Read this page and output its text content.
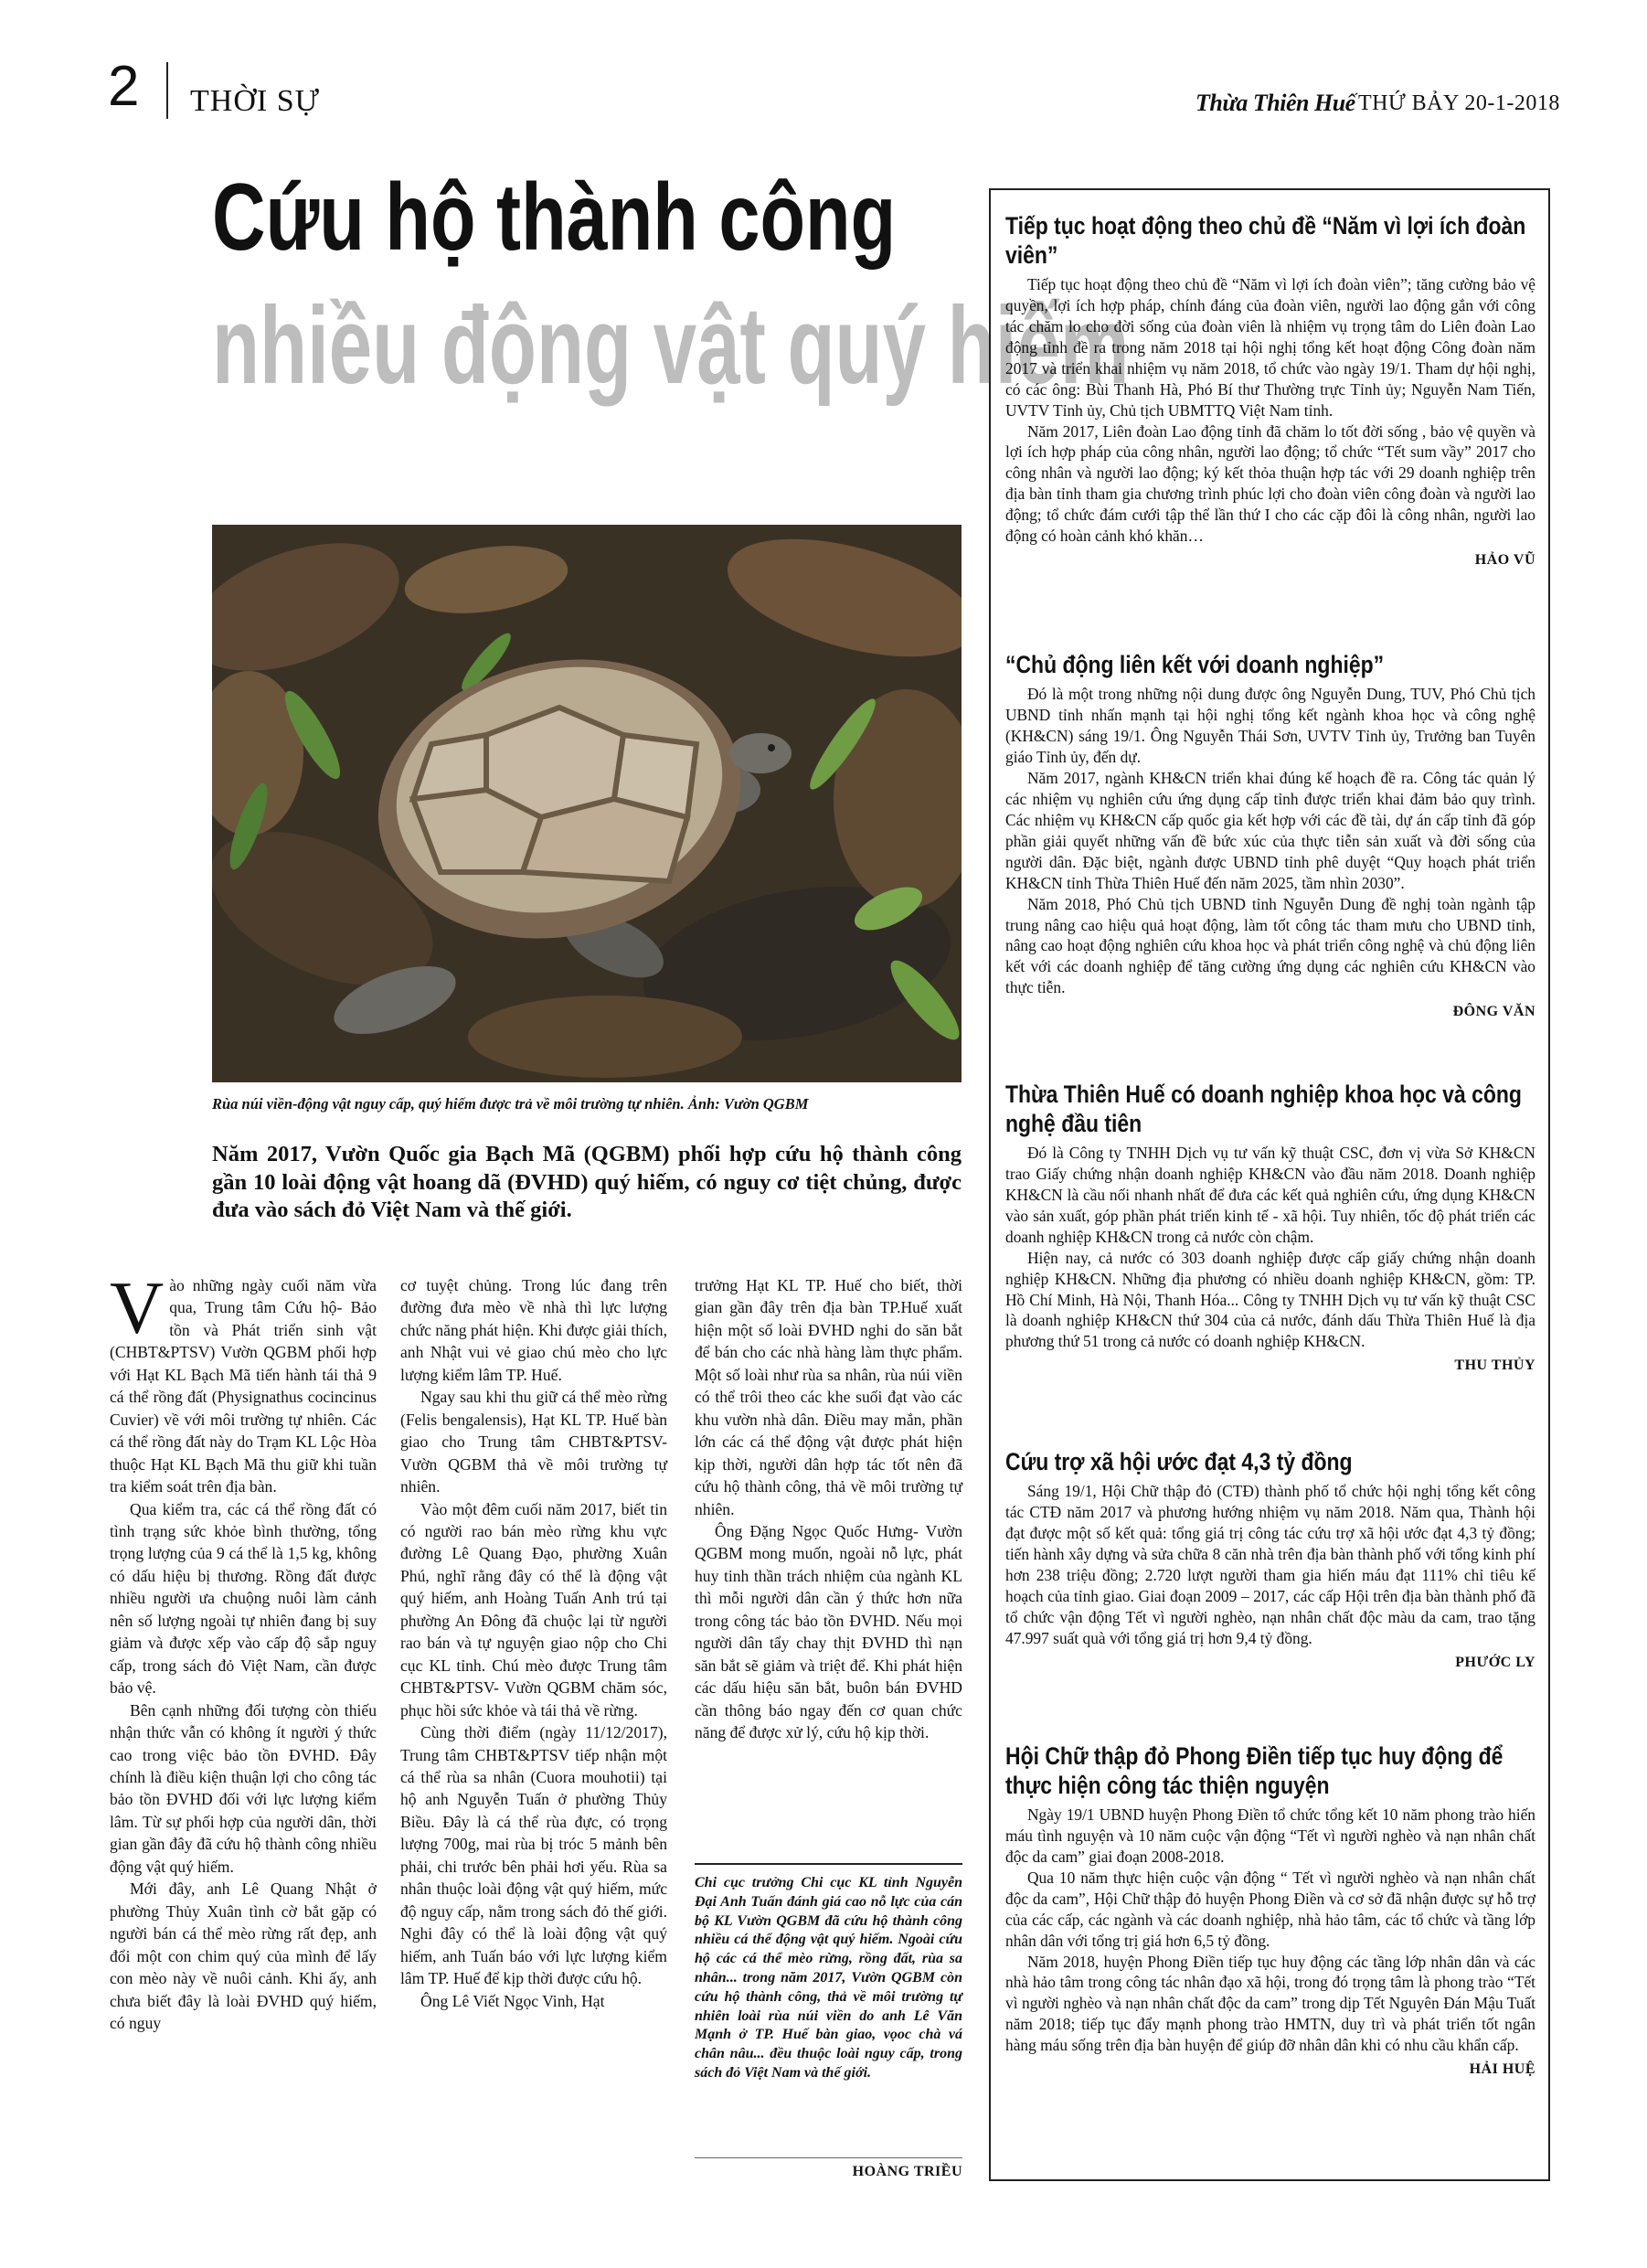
2 THỜI SỰ	Thừa Thiên Huế THỨ BẢY 20-1-2018
Cứu hộ thành công
nhiều động vật quý hiếm
Rùa núi viền-động vật nguy cấp, quý hiếm được trả về môi trường tự nhiên. Ảnh: Vườn QGBM
Năm 2017, Vườn Quốc gia Bạch Mã (QGBM) phối hợp cứu hộ thành công gần 10 loài động vật hoang dã (ĐVHD) quý hiếm, có nguy cơ tiệt chủng, được đưa vào sách đỏ Việt Nam và thế giới.

Vào những ngày cuối năm vừa qua, Trung tâm Cứu hộ- Bảo tồn và Phát triển sinh vật (CHBT&PTSV) Vườn QGBM phối hợp với Hạt KL Bạch Mã tiến hành tái thả 9 cá thể rồng đất (Physignathus cocincinus Cuvier) về với môi trường tự nhiên. Các cá thể rồng đất này do Trạm KL Lộc Hòa thuộc Hạt KL Bạch Mã thu giữ khi tuần tra kiểm soát trên địa bàn.

Qua kiểm tra, các cá thể rồng đất có tình trạng sức khỏe bình thường, tổng trọng lượng của 9 cá thể là 1,5 kg, không có dấu hiệu bị thương. Rồng đất được nhiều người ưa chuộng nuôi làm cảnh nên số lượng ngoài tự nhiên đang bị suy giảm và được xếp vào cấp độ sắp nguy cấp, trong sách đỏ Việt Nam, cần được bảo vệ.

Bên cạnh những đối tượng còn thiếu nhận thức vẫn có không ít người ý thức cao trong việc bảo tồn ĐVHD. Đây chính là điều kiện thuận lợi cho công tác bảo tồn ĐVHD đối với lực lượng kiểm lâm. Từ sự phối hợp của người dân, thời gian gần đây đã cứu hộ thành công nhiều động vật quý hiếm.

Mới đây, anh Lê Quang Nhật ở phường Thủy Xuân tình cờ bắt gặp có người bán cá thể mèo rừng rất đẹp, anh đổi một con chim quý của mình để lấy con mèo này về nuôi cảnh. Khi ấy, anh chưa biết đây là loài ĐVHD quý hiếm, có nguy

cơ tuyệt chủng. Trong lúc đang trên đường đưa mèo về nhà thì lực lượng chức năng phát hiện. Khi được giải thích, anh Nhật vui vẻ giao chú mèo cho lực lượng kiểm lâm TP. Huế.

Ngay sau khi thu giữ cá thể mèo rừng (Felis bengalensis), Hạt KL TP. Huế bàn giao cho Trung tâm CHBT&PTSV- Vườn QGBM thả về môi trường tự nhiên.

Vào một đêm cuối năm 2017, biết tin có người rao bán mèo rừng khu vực đường Lê Quang Đạo, phường Xuân Phú, nghĩ rằng đây có thể là động vật quý hiếm, anh Hoàng Tuấn Anh trú tại phường An Đông đã chuộc lại từ người rao bán và tự nguyện giao nộp cho Chi cục KL tỉnh. Chú mèo được Trung tâm CHBT&PTSV- Vườn QGBM chăm sóc, phục hồi sức khỏe và tái thả về rừng.

Cùng thời điểm (ngày 11/12/2017), Trung tâm CHBT&PTSV tiếp nhận một cá thể rùa sa nhân (Cuora mouhotii) tại hộ anh Nguyễn Tuấn ở phường Thủy Biều. Đây là cá thể rùa đực, có trọng lượng 700g, mai rùa bị tróc 5 mảnh bên phải, chi trước bên phải hơi yếu. Rùa sa nhân thuộc loài động vật quý hiếm, mức độ nguy cấp, nằm trong sách đỏ thế giới. Nghi đây có thể là loài động vật quý hiếm, anh Tuấn báo với lực lượng kiểm lâm TP. Huế để kịp thời được cứu hộ.

Ông Lê Viết Ngọc Vinh, Hạt

trưởng Hạt KL TP. Huế cho biết, thời gian gần đây trên địa bàn TP.Huế xuất hiện một số loài ĐVHD nghi do săn bắt để bán cho các nhà hàng làm thực phẩm. Một số loài như rùa sa nhân, rùa núi viền có thể trôi theo các khe suối đạt vào các khu vườn nhà dân. Điều may mắn, phần lớn các cá thể động vật được phát hiện kịp thời, người dân hợp tác tốt nên đã cứu hộ thành công, thả về môi trường tự nhiên.

Ông Đặng Ngọc Quốc Hưng- Vườn QGBM mong muốn, ngoài nỗ lực, phát huy tinh thần trách nhiệm của ngành KL thì mỗi người dân cần ý thức hơn nữa trong công tác bảo tồn ĐVHD. Nếu mọi người dân tẩy chay thịt ĐVHD thì nạn săn bắt sẽ giảm và triệt để. Khi phát hiện các dấu hiệu săn bắt, buôn bán ĐVHD cần thông báo ngay đến cơ quan chức năng để được xử lý, cứu hộ kịp thời.

Chi cục trưởng Chi cục KL tỉnh Nguyễn Đại Anh Tuấn đánh giá cao nỗ lực của cán bộ KL Vườn QGBM đã cứu hộ thành công nhiều cá thể động vật quý hiếm. Ngoài cứu hộ các cá thể mèo rừng, rồng đất, rùa sa nhân... trong năm 2017, Vườn QGBM còn cứu hộ thành công, thả về môi trường tự nhiên loài rùa núi viền do anh Lê Văn Mạnh ở TP. Huế bàn giao, vọoc chà vá chân nâu... đều thuộc loài nguy cấp, trong sách đỏ Việt Nam và thế giới.
HOÀNG TRIỀU
Tiếp tục hoạt động theo chủ đề “Năm vì lợi ích đoàn viên”

Tiếp tục hoạt động theo chủ đề “Năm vì lợi ích đoàn viên”; tăng cường bảo vệ quyền, lợi ích hợp pháp, chính đáng của đoàn viên, người lao động gắn với công tác chăm lo cho đời sống của đoàn viên là nhiệm vụ trọng tâm do Liên đoàn Lao động tỉnh đề ra trong năm 2018 tại hội nghị tổng kết hoạt động Công đoàn năm 2017 và triển khai nhiệm vụ năm 2018, tổ chức vào ngày 19/1. Tham dự hội nghị, có các ông: Bùi Thanh Hà, Phó Bí thư Thường trực Tỉnh ủy; Nguyễn Nam Tiến, UVTV Tỉnh ủy, Chủ tịch UBMTTQ Việt Nam tỉnh.

Năm 2017, Liên đoàn Lao động tỉnh đã chăm lo tốt đời sống , bảo vệ quyền và lợi ích hợp pháp của công nhân, người lao động; tổ chức “Tết sum vầy” 2017 cho công nhân và người lao động; ký kết thỏa thuận hợp tác với 29 doanh nghiệp trên địa bàn tỉnh tham gia chương trình phúc lợi cho đoàn viên công đoàn và người lao động; tổ chức đám cưới tập thể lần thứ I cho các cặp đôi là công nhân, người lao động có hoàn cảnh khó khăn…

HẢO VŨ
“Chủ động liên kết với doanh nghiệp”

Đó là một trong những nội dung được ông Nguyễn Dung, TUV, Phó Chủ tịch UBND tỉnh nhấn mạnh tại hội nghị tổng kết ngành khoa học và công nghệ (KH&CN) sáng 19/1. Ông Nguyễn Thái Sơn, UVTV Tỉnh ủy, Trưởng ban Tuyên giáo Tỉnh ủy, đến dự.

Năm 2017, ngành KH&CN triển khai đúng kế hoạch đề ra. Công tác quản lý các nhiệm vụ nghiên cứu ứng dụng cấp tỉnh được triển khai đảm bảo quy trình. Các nhiệm vụ KH&CN cấp quốc gia kết hợp với các đề tài, dự án cấp tỉnh đã góp phần giải quyết những vấn đề bức xúc của thực tiễn sản xuất và đời sống của người dân. Đặc biệt, ngành được UBND tỉnh phê duyệt “Quy hoạch phát triển KH&CN tỉnh Thừa Thiên Huế đến năm 2025, tầm nhìn 2030”.

Năm 2018, Phó Chủ tịch UBND tỉnh Nguyễn Dung đề nghị toàn ngành tập trung nâng cao hiệu quả hoạt động, làm tốt công tác tham mưu cho UBND tỉnh, nâng cao hoạt động nghiên cứu khoa học và phát triển công nghệ và chủ động liên kết với các doanh nghiệp để tăng cường ứng dụng các nghiên cứu KH&CN vào thực tiễn.

ĐÔNG VĂN
Thừa Thiên Huế có doanh nghiệp khoa học và công nghệ đầu tiên

Đó là Công ty TNHH Dịch vụ tư vấn kỹ thuật CSC, đơn vị vừa Sở KH&CN trao Giấy chứng nhận doanh nghiệp KH&CN vào đầu năm 2018. Doanh nghiệp KH&CN là cầu nối nhanh nhất để đưa các kết quả nghiên cứu, ứng dụng KH&CN vào sản xuất, góp phần phát triển kinh tế - xã hội. Tuy nhiên, tốc độ phát triển các doanh nghiệp KH&CN trong cả nước còn chậm.

Hiện nay, cả nước có 303 doanh nghiệp được cấp giấy chứng nhận doanh nghiệp KH&CN. Những địa phương có nhiều doanh nghiệp KH&CN, gồm: TP. Hồ Chí Minh, Hà Nội, Thanh Hóa... Công ty TNHH Dịch vụ tư vấn kỹ thuật CSC là doanh nghiệp KH&CN thứ 304 của cả nước, đánh dấu Thừa Thiên Huế là địa phương thứ 51 trong cả nước có doanh nghiệp KH&CN.

THU THỦY
Cứu trợ xã hội ước đạt 4,3 tỷ đồng

Sáng 19/1, Hội Chữ thập đỏ (CTĐ) thành phố tổ chức hội nghị tổng kết công tác CTĐ năm 2017 và phương hướng nhiệm vụ năm 2018. Năm qua, Thành hội đạt được một số kết quả: tổng giá trị công tác cứu trợ xã hội ước đạt 4,3 tỷ đồng; tiến hành xây dựng và sửa chữa 8 căn nhà trên địa bàn thành phố với tổng kinh phí hơn 238 triệu đồng; 2.720 lượt người tham gia hiến máu đạt 111% chỉ tiêu kế hoạch của tỉnh giao. Giai đoạn 2009 – 2017, các cấp Hội trên địa bàn thành phố đã tổ chức vận động Tết vì người nghèo, nạn nhân chất độc màu da cam, trao tặng 47.997 suất quà với tổng giá trị hơn 9,4 tỷ đồng.

PHƯỚC LY
Hội Chữ thập đỏ Phong Điền tiếp tục huy động để thực hiện công tác thiện nguyện

Ngày 19/1 UBND huyện Phong Điền tổ chức tổng kết 10 năm phong trào hiến máu tình nguyện và 10 năm cuộc vận động “Tết vì người nghèo và nạn nhân chất độc da cam” giai đoạn 2008-2018.

Qua 10 năm thực hiện cuộc vận động “ Tết vì người nghèo và nạn nhân chất độc da cam”, Hội Chữ thập đỏ huyện Phong Điền và cơ sở đã nhận được sự hỗ trợ của các cấp, các ngành và các doanh nghiệp, nhà hảo tâm, các tổ chức và tầng lớp nhân dân với tổng trị giá hơn 6,5 tỷ đồng.

Năm 2018, huyện Phong Điền tiếp tục huy động các tầng lớp nhân dân và các nhà hảo tâm trong công tác nhân đạo xã hội, trong đó trọng tâm là phong trào “Tết vì người nghèo và nạn nhân chất độc da cam” trong dịp Tết Nguyên Đán Mậu Tuất năm 2018; tiếp tục đẩy mạnh phong trào HMTN, duy trì và phát triển tốt ngân hàng máu sống trên địa bàn huyện để giúp đỡ nhân dân khi có nhu cầu khẩn cấp.

HẢI HUỆ
